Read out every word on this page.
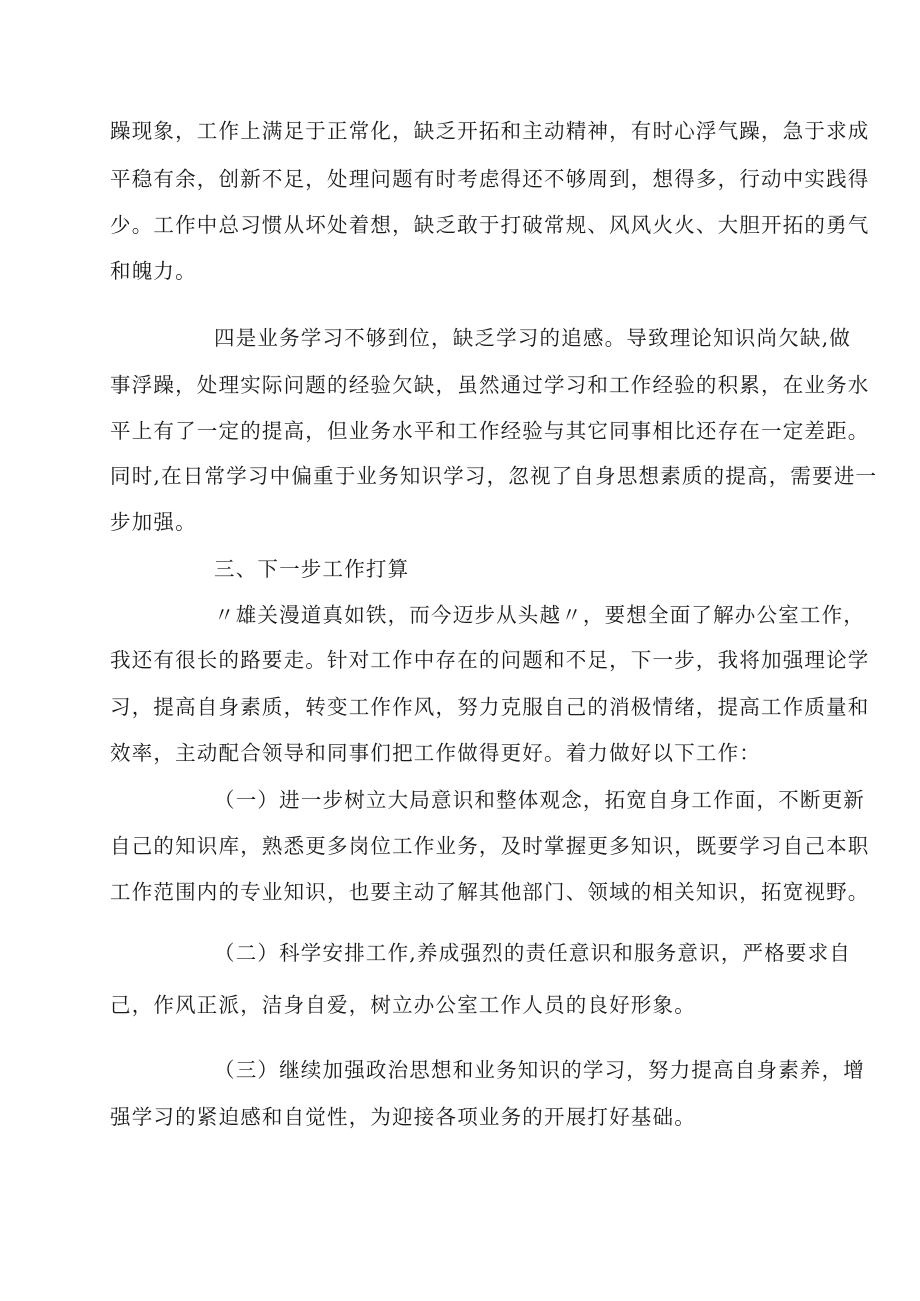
躁现象，工作上满足于正常化，缺乏开拓和主动精神，有时心浮气躁，急于求成
平稳有余，创新不足，处理问题有时考虑得还不够周到，想得多，行动中实践得
少。工作中总习惯从坏处着想，缺乏敢于打破常规、风风火火、大胆开拓的勇气
和魄力。
四是业务学习不够到位，缺乏学习的追感。导致理论知识尚欠缺,做
事浮躁，处理实际问题的经验欠缺，虽然通过学习和工作经验的积累，在业务水
平上有了一定的提高，但业务水平和工作经验与其它同事相比还存在一定差距。
同时,在日常学习中偏重于业务知识学习，忽视了自身思想素质的提高，需要进一
步加强。
三、下一步工作打算
〃雄关漫道真如铁，而今迈步从头越〃，要想全面了解办公室工作，
我还有很长的路要走。针对工作中存在的问题和不足，下一步，我将加强理论学
习，提高自身素质，转变工作作风，努力克服自己的消极情绪，提高工作质量和
效率，主动配合领导和同事们把工作做得更好。着力做好以下工作：
（一）进一步树立大局意识和整体观念，拓宽自身工作面，不断更新
自己的知识库，熟悉更多岗位工作业务，及时掌握更多知识，既要学习自己本职
工作范围内的专业知识，也要主动了解其他部门、领域的相关知识，拓宽视野。
（二）科学安排工作,养成强烈的责任意识和服务意识，严格要求自
己，作风正派，洁身自爱，树立办公室工作人员的良好形象。
（三）继续加强政治思想和业务知识的学习，努力提高自身素养，增
强学习的紧迫感和自觉性，为迎接各项业务的开展打好基础。
